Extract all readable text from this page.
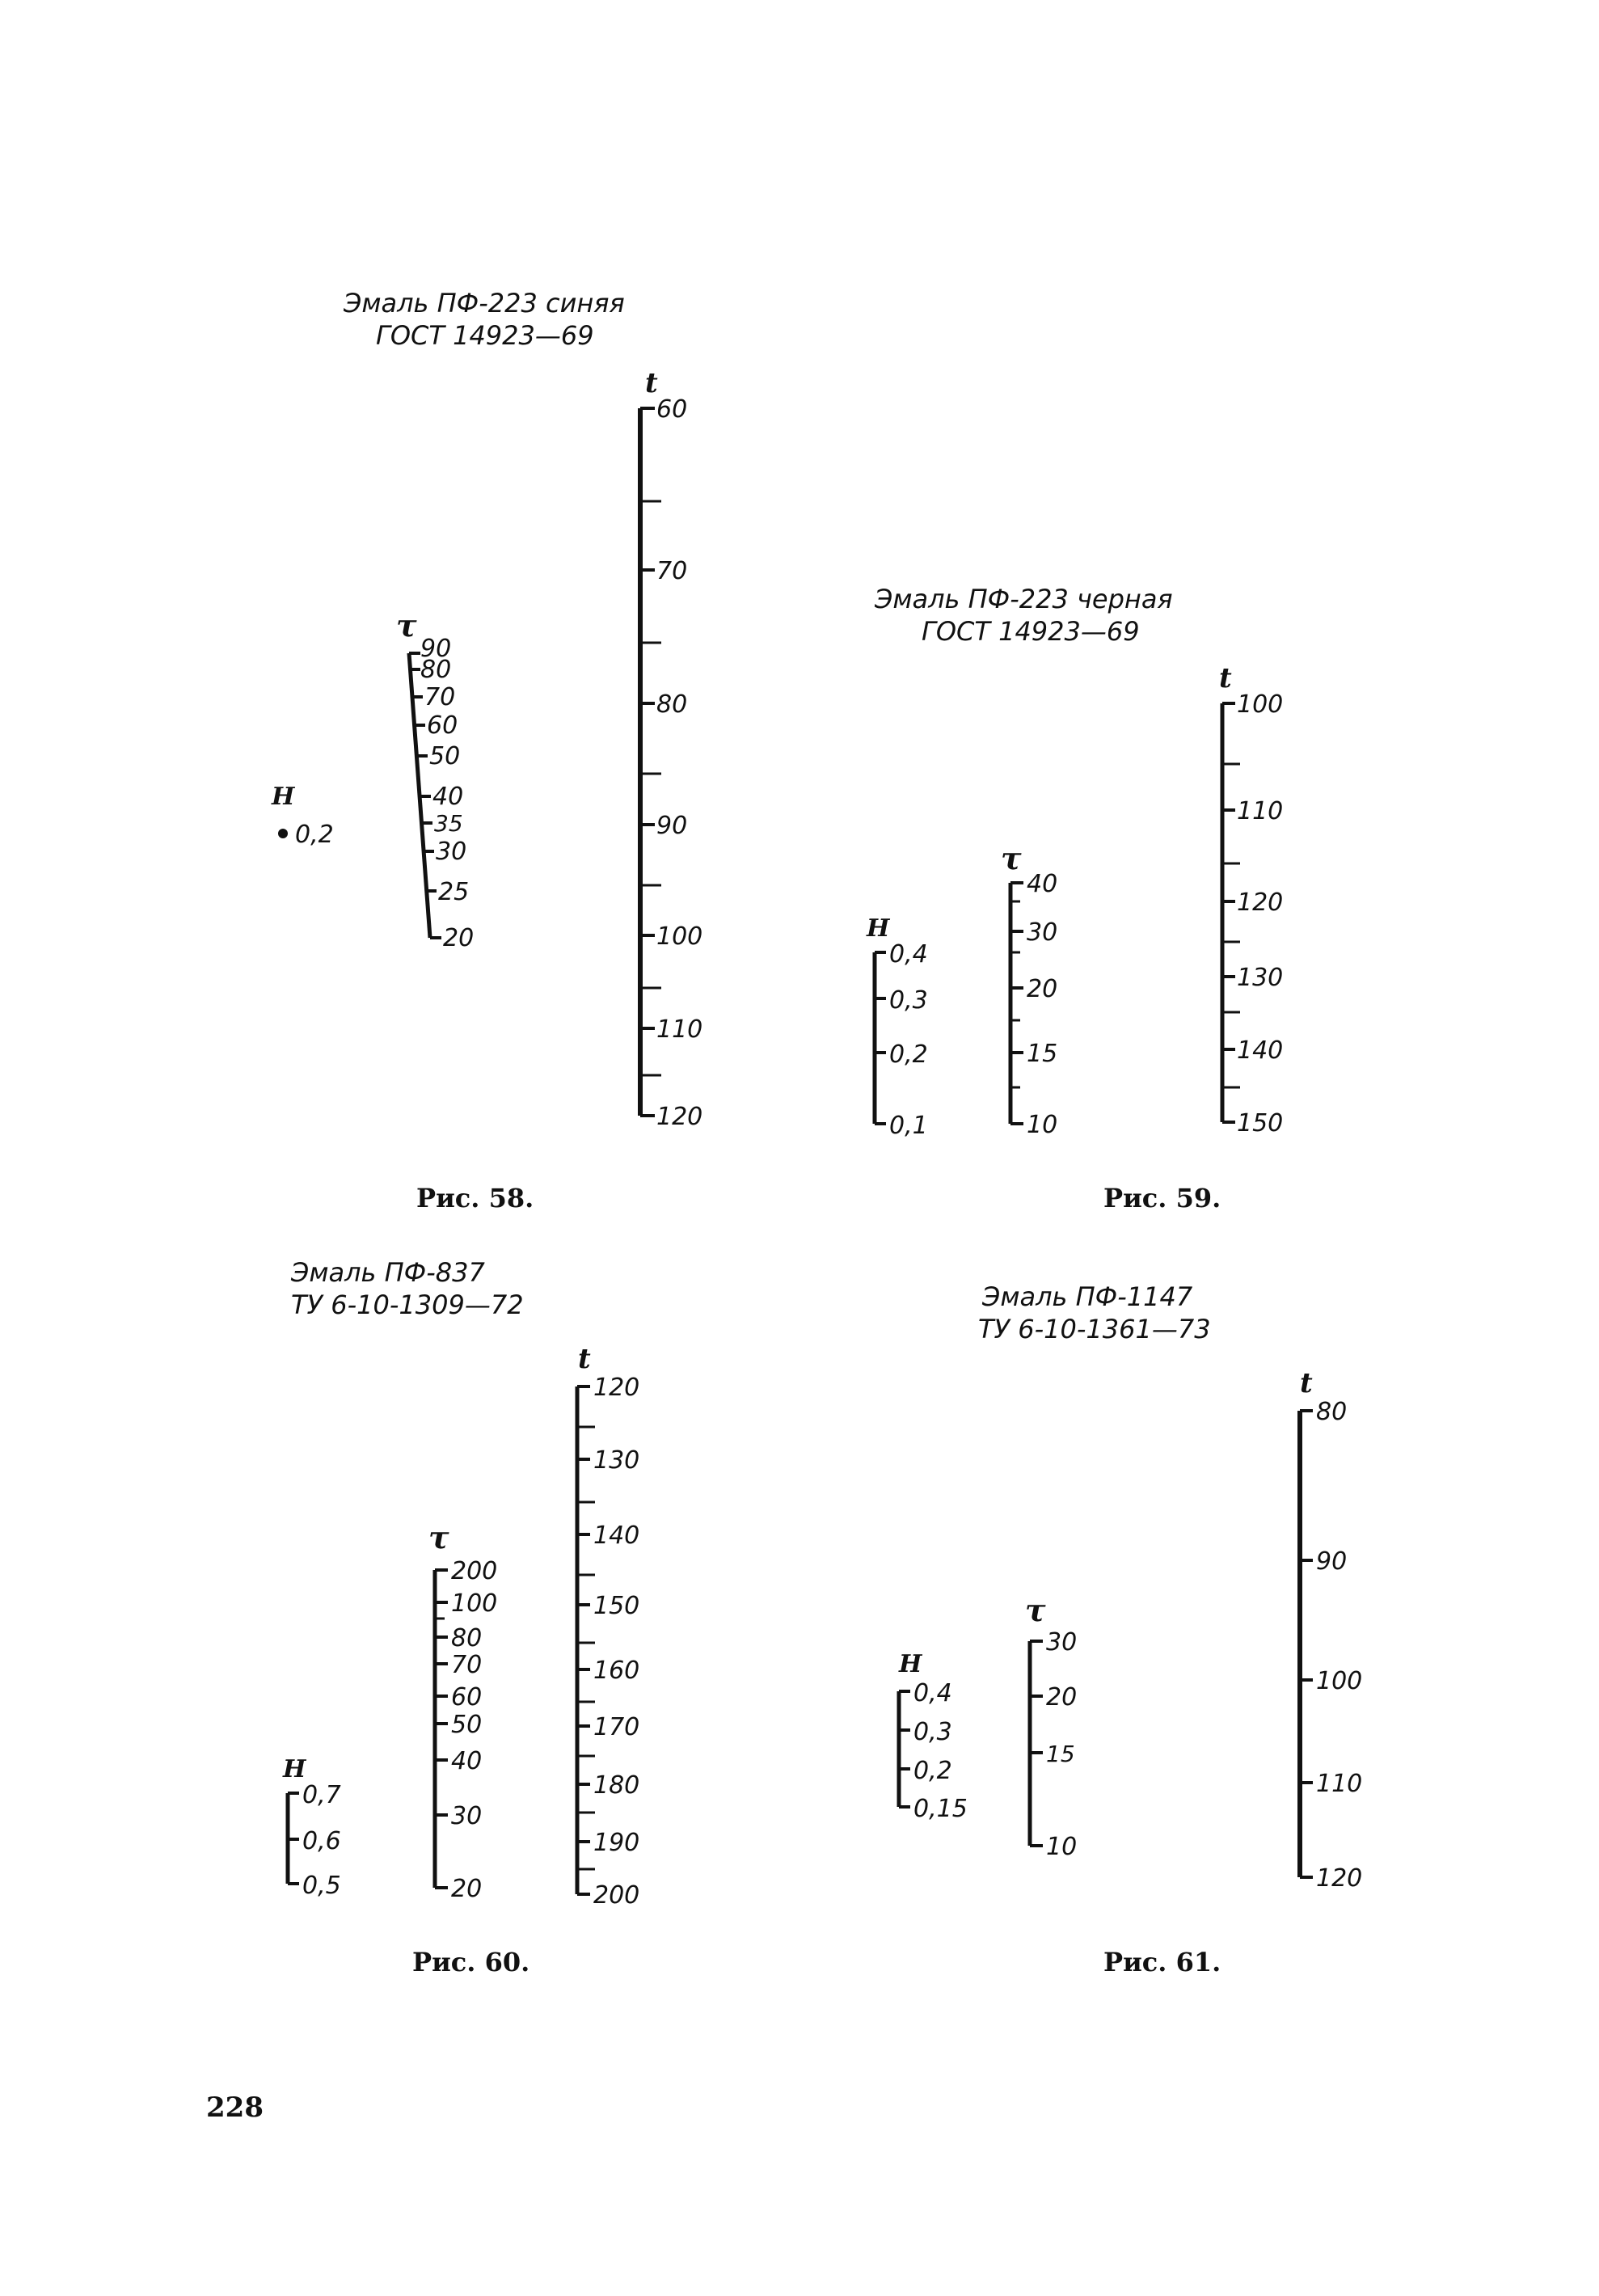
Эмаль ПФ-223 синяя
ГОСТ 14923—69
H
0,2
τ
90
80
70
60
50
40
35
30
25
20
t
60
70
80
90
100
110
120
Рис. 58.
Эмаль ПФ-223 черная
ГОСТ 14923—69
H
0,4
0,3
0,2
0,1
τ
40
30
20
15
10
t
100
110
120
130
140
150
Рис. 59.
Эмаль ПФ-837
ТУ 6-10-1309—72
H
0,7
0,6
0,5
τ
200
100
80
70
60
50
40
30
20
t
120
130
140
150
160
170
180
190
200
Рис. 60.
Эмаль ПФ-1147
ТУ 6-10-1361—73
H
0,4
0,3
0,2
0,15
τ
30
20
15
10
t
80
90
100
110
120
Рис. 61.
228
